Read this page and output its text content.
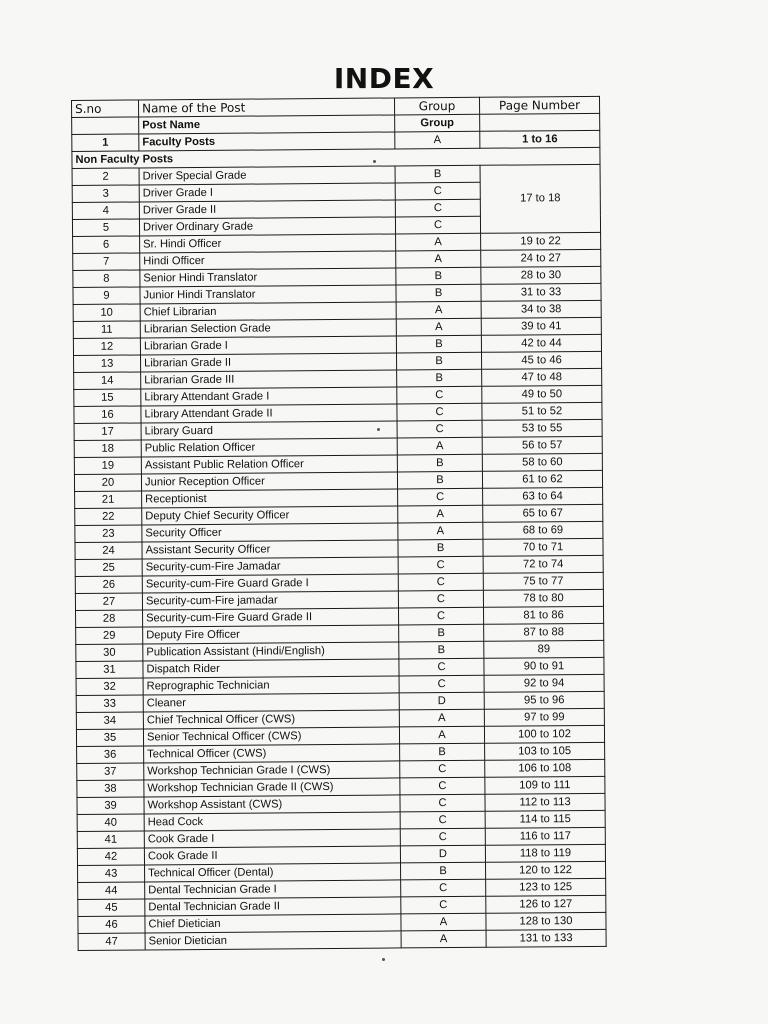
INDEX
S.no	Name of the Post	Group	Page Number
	Post Name	Group	
1	Faculty Posts	A	1 to 16
Non Faculty Posts			
2	Driver Special Grade	B	17 to 18
3	Driver Grade I	C	
4	Driver Grade II	C	
5	Driver Ordinary Grade	C	
6	Sr. Hindi Officer	A	19 to 22
7	Hindi Officer	A	24 to 27
8	Senior Hindi Translator	B	28 to 30
9	Junior Hindi Translator	B	31 to 33
10	Chief Librarian	A	34 to 38
11	Librarian Selection Grade	A	39 to 41
12	Librarian Grade I	B	42 to 44
13	Librarian Grade II	B	45 to 46
14	Librarian Grade III	B	47 to 48
15	Library Attendant Grade I	C	49 to 50
16	Library Attendant Grade II	C	51 to 52
17	Library Guard	C	53 to 55
18	Public Relation Officer	A	56 to 57
19	Assistant Public Relation Officer	B	58 to 60
20	Junior Reception Officer	B	61 to 62
21	Receptionist	C	63 to 64
22	Deputy Chief Security Officer	A	65 to 67
23	Security Officer	A	68 to 69
24	Assistant Security Officer	B	70 to 71
25	Security-cum-Fire Jamadar	C	72 to 74
26	Security-cum-Fire Guard Grade I	C	75 to 77
27	Security-cum-Fire jamadar	C	78 to 80
28	Security-cum-Fire Guard Grade II	C	81 to 86
29	Deputy Fire Officer	B	87 to 88
30	Publication Assistant (Hindi/English)	B	89
31	Dispatch Rider	C	90 to 91
32	Reprographic Technician	C	92 to 94
33	Cleaner	D	95 to 96
34	Chief Technical Officer (CWS)	A	97 to 99
35	Senior Technical Officer (CWS)	A	100 to 102
36	Technical Officer (CWS)	B	103 to 105
37	Workshop Technician Grade I (CWS)	C	106 to 108
38	Workshop Technician Grade II (CWS)	C	109 to 111
39	Workshop Assistant (CWS)	C	112 to 113
40	Head Cock	C	114 to 115
41	Cook Grade I	C	116 to 117
42	Cook Grade II	D	118 to 119
43	Technical Officer (Dental)	B	120 to 122
44	Dental Technician Grade I	C	123 to 125
45	Dental Technician Grade II	C	126 to 127
46	Chief Dietician	A	128 to 130
47	Senior Dietician	A	131 to 133
